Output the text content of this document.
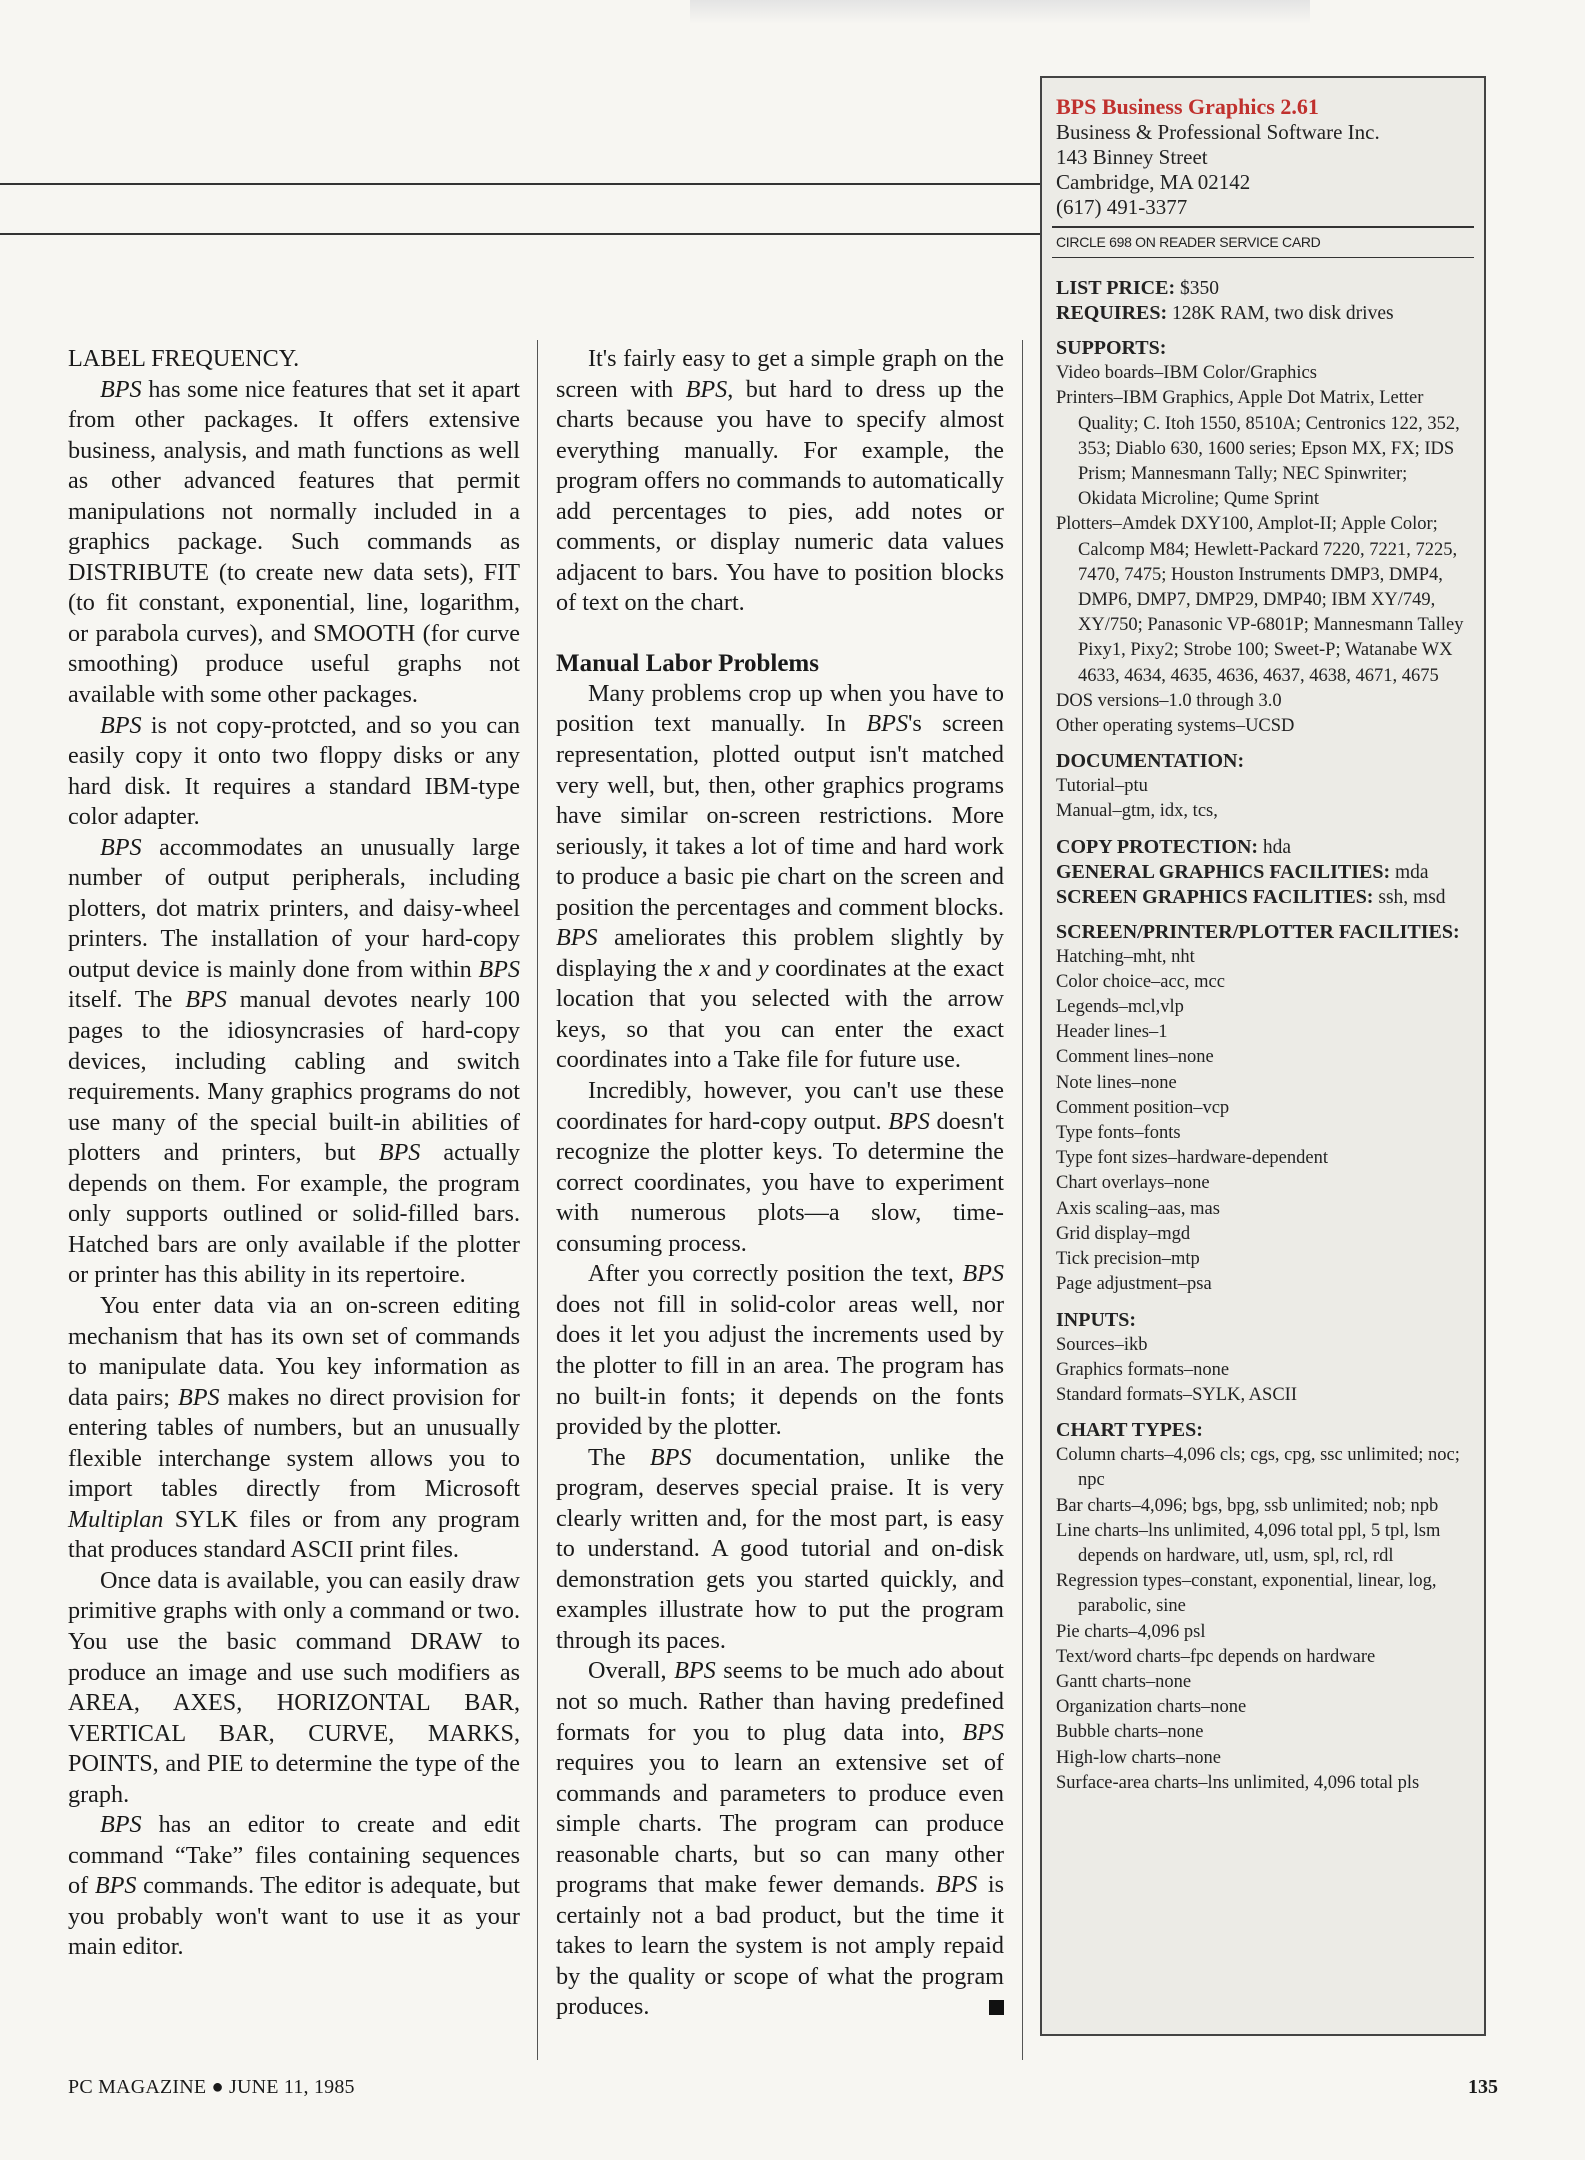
LABEL FREQUENCY.

BPS has some nice features that set it apart from other packages. It offers extensive business, analysis, and math functions as well as other advanced features that permit manipulations not normally included in a graphics package. Such commands as DISTRIBUTE (to create new data sets), FIT (to fit constant, exponential, line, logarithm, or parabola curves), and SMOOTH (for curve smoothing) produce useful graphs not available with some other packages.

BPS is not copy-protcted, and so you can easily copy it onto two floppy disks or any hard disk. It requires a standard IBM-type color adapter.

BPS accommodates an unusually large number of output peripherals, including plotters, dot matrix printers, and daisy-wheel printers. The installation of your hard-copy output device is mainly done from within BPS itself. The BPS manual devotes nearly 100 pages to the idiosyncrasies of hard-copy devices, including cabling and switch requirements. Many graphics programs do not use many of the special built-in abilities of plotters and printers, but BPS actually depends on them. For example, the program only supports outlined or solid-filled bars. Hatched bars are only available if the plotter or printer has this ability in its repertoire.

You enter data via an on-screen editing mechanism that has its own set of commands to manipulate data. You key information as data pairs; BPS makes no direct provision for entering tables of numbers, but an unusually flexible interchange system allows you to import tables directly from Microsoft Multiplan SYLK files or from any program that produces standard ASCII print files.

Once data is available, you can easily draw primitive graphs with only a command or two. You use the basic command DRAW to produce an image and use such modifiers as AREA, AXES, HORIZONTAL BAR, VERTICAL BAR, CURVE, MARKS, POINTS, and PIE to determine the type of the graph.

BPS has an editor to create and edit command “Take” files containing sequences of BPS commands. The editor is adequate, but you probably won't want to use it as your main editor.

It's fairly easy to get a simple graph on the screen with BPS, but hard to dress up the charts because you have to specify almost everything manually. For example, the program offers no commands to automatically add percentages to pies, add notes or comments, or display numeric data values adjacent to bars. You have to position blocks of text on the chart.

Manual Labor Problems

Many problems crop up when you have to position text manually. In BPS's screen representation, plotted output isn't matched very well, but, then, other graphics programs have similar on-screen restrictions. More seriously, it takes a lot of time and hard work to produce a basic pie chart on the screen and position the percentages and comment blocks. BPS ameliorates this problem slightly by displaying the x and y coordinates at the exact location that you selected with the arrow keys, so that you can enter the exact coordinates into a Take file for future use.

Incredibly, however, you can't use these coordinates for hard-copy output. BPS doesn't recognize the plotter keys. To determine the correct coordinates, you have to experiment with numerous plots—a slow, time-consuming process.

After you correctly position the text, BPS does not fill in solid-color areas well, nor does it let you adjust the increments used by the plotter to fill in an area. The program has no built-in fonts; it depends on the fonts provided by the plotter.

The BPS documentation, unlike the program, deserves special praise. It is very clearly written and, for the most part, is easy to understand. A good tutorial and on-disk demonstration gets you started quickly, and examples illustrate how to put the program through its paces.

Overall, BPS seems to be much ado about not so much. Rather than having predefined formats for you to plug data into, BPS requires you to learn an extensive set of commands and parameters to produce even simple charts. The program can produce reasonable charts, but so can many other programs that make fewer demands. BPS is certainly not a bad product, but the time it takes to learn the system is not amply repaid by the quality or scope of what the program produces.

BPS Business Graphics 2.61
Business & Professional Software Inc.
143 Binney Street
Cambridge, MA 02142
(617) 491-3377
CIRCLE 698 ON READER SERVICE CARD
LIST PRICE: $350
REQUIRES: 128K RAM, two disk drives
SUPPORTS:
Video boards–IBM Color/Graphics
Printers–IBM Graphics, Apple Dot Matrix, Letter Quality; C. Itoh 1550, 8510A; Centronics 122, 352, 353; Diablo 630, 1600 series; Epson MX, FX; IDS Prism; Mannesmann Tally; NEC Spinwriter; Okidata Microline; Qume Sprint
Plotters–Amdek DXY100, Amplot-II; Apple Color; Calcomp M84; Hewlett-Packard 7220, 7221, 7225, 7470, 7475; Houston Instruments DMP3, DMP4, DMP6, DMP7, DMP29, DMP40; IBM XY/749, XY/750; Panasonic VP-6801P; Mannesmann Talley Pixy1, Pixy2; Strobe 100; Sweet-P; Watanabe WX 4633, 4634, 4635, 4636, 4637, 4638, 4671, 4675
DOS versions–1.0 through 3.0
Other operating systems–UCSD
DOCUMENTATION:
Tutorial–ptu
Manual–gtm, idx, tcs,
COPY PROTECTION: hda
GENERAL GRAPHICS FACILITIES: mda
SCREEN GRAPHICS FACILITIES: ssh, msd
SCREEN/PRINTER/PLOTTER FACILITIES:
Hatching–mht, nht
Color choice–acc, mcc
Legends–mcl,vlp
Header lines–1
Comment lines–none
Note lines–none
Comment position–vcp
Type fonts–fonts
Type font sizes–hardware-dependent
Chart overlays–none
Axis scaling–aas, mas
Grid display–mgd
Tick precision–mtp
Page adjustment–psa
INPUTS:
Sources–ikb
Graphics formats–none
Standard formats–SYLK, ASCII
CHART TYPES:
Column charts–4,096 cls; cgs, cpg, ssc unlimited; noc; npc
Bar charts–4,096; bgs, bpg, ssb unlimited; nob; npb
Line charts–lns unlimited, 4,096 total ppl, 5 tpl, lsm depends on hardware, utl, usm, spl, rcl, rdl
Regression types–constant, exponential, linear, log, parabolic, sine
Pie charts–4,096 psl
Text/word charts–fpc depends on hardware
Gantt charts–none
Organization charts–none
Bubble charts–none
High-low charts–none
Surface-area charts–lns unlimited, 4,096 total pls
PC MAGAZINE ● JUNE 11, 1985	135
